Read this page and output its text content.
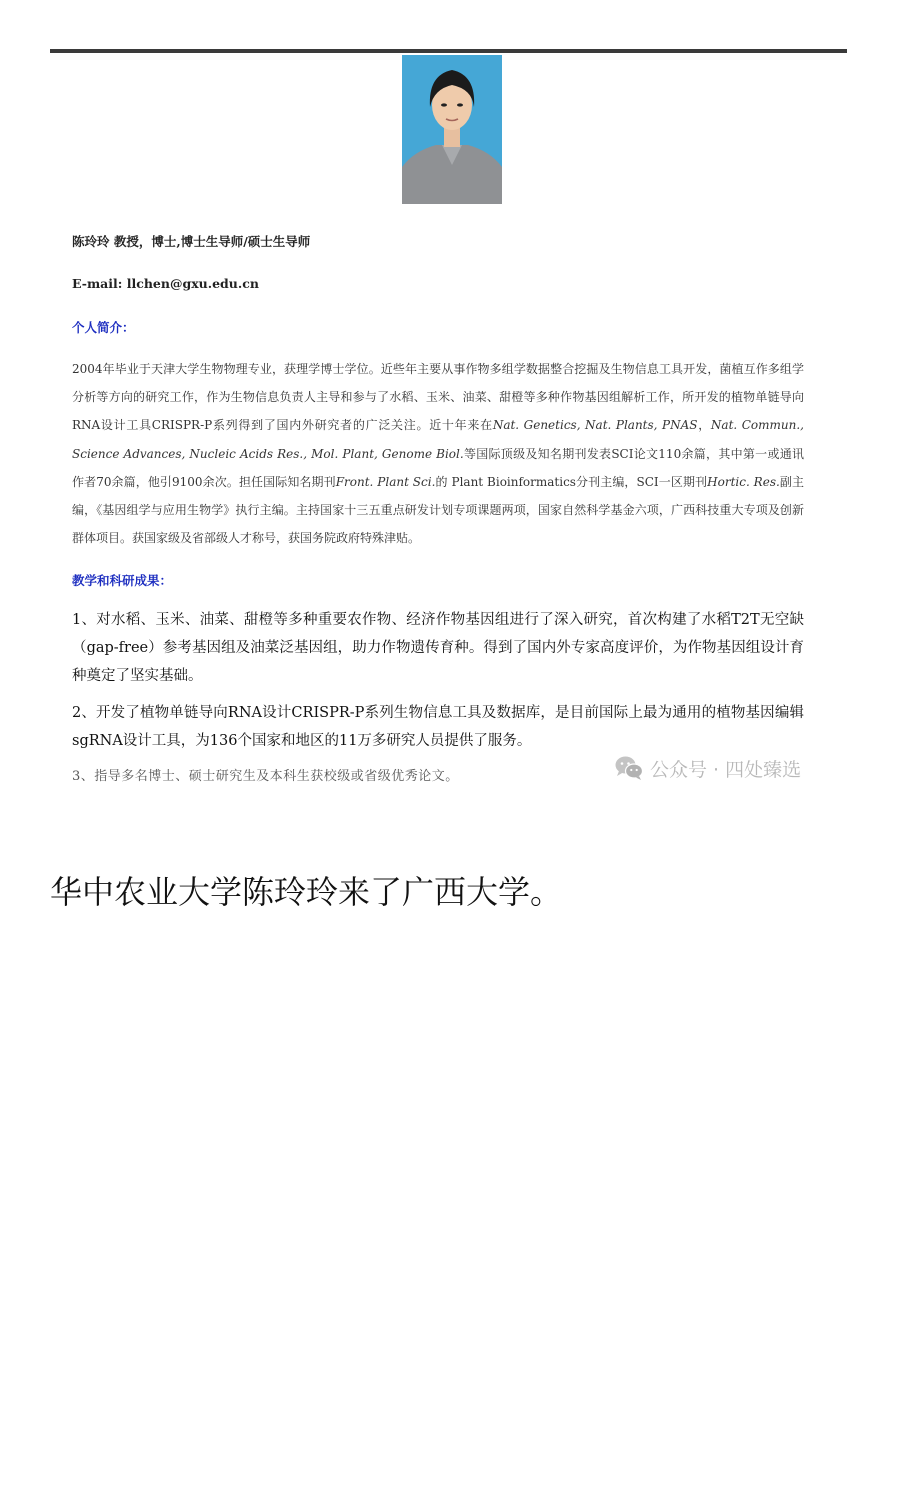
陈玲玲 教授，博士,博士生导师/硕士生导师
E-mail: llchen@gxu.edu.cn
个人简介：
2004年毕业于天津大学生物物理专业，获理学博士学位。近些年主要从事作物多组学数据整合挖掘及生物信息工具开发，菌植互作多组学分析等方向的研究工作，作为生物信息负责人主导和参与了水稻、玉米、油菜、甜橙等多种作物基因组解析工作，所开发的植物单链导向RNA设计工具CRISPR-P系列得到了国内外研究者的广泛关注。近十年来在Nat. Genetics, Nat. Plants, PNAS，Nat. Commun., Science Advances, Nucleic Acids Res., Mol. Plant, Genome Biol.等国际顶级及知名期刊发表SCI论文110余篇，其中第一或通讯作者70余篇，他引9100余次。担任国际知名期刊Front. Plant Sci.的 Plant Bioinformatics分刊主编，SCI一区期刊Hortic. Res.副主编，《基因组学与应用生物学》执行主编。主持国家十三五重点研发计划专项课题两项，国家自然科学基金六项，广西科技重大专项及创新群体项目。获国家级及省部级人才称号，获国务院政府特殊津贴。
教学和科研成果：
1、对水稻、玉米、油菜、甜橙等多种重要农作物、经济作物基因组进行了深入研究，首次构建了水稻T2T无空缺（gap-free）参考基因组及油菜泛基因组，助力作物遗传育种。得到了国内外专家高度评价，为作物基因组设计育种奠定了坚实基础。
2、开发了植物单链导向RNA设计CRISPR-P系列生物信息工具及数据库，是目前国际上最为通用的植物基因编辑sgRNA设计工具，为136个国家和地区的11万多研究人员提供了服务。
3、指导多名博士、硕士研究生及本科生获校级或省级优秀论文。	公众号 · 四处臻选
华中农业大学陈玲玲来了广西大学。
